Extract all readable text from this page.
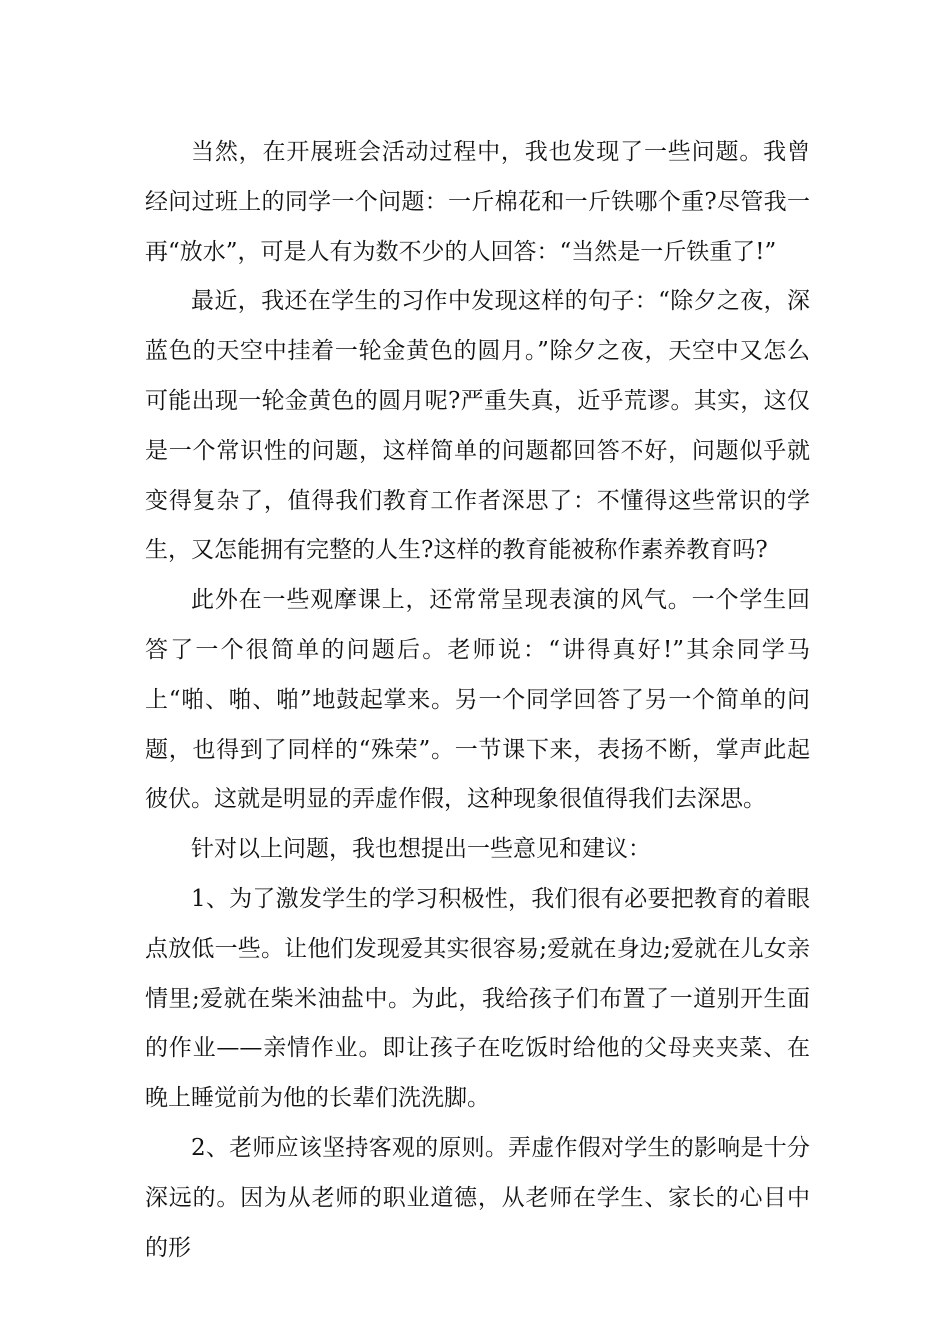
当然，在开展班会活动过程中，我也发现了一些问题。我曾经问过班上的同学一个问题：一斤棉花和一斤铁哪个重?尽管我一再“放水”，可是人有为数不少的人回答：“当然是一斤铁重了!”

最近，我还在学生的习作中发现这样的句子：“除夕之夜，深蓝色的天空中挂着一轮金黄色的圆月。”除夕之夜，天空中又怎么可能出现一轮金黄色的圆月呢?严重失真，近乎荒谬。其实，这仅是一个常识性的问题，这样简单的问题都回答不好，问题似乎就变得复杂了，值得我们教育工作者深思了：不懂得这些常识的学生，又怎能拥有完整的人生?这样的教育能被称作素养教育吗?

此外在一些观摩课上，还常常呈现表演的风气。一个学生回答了一个很简单的问题后。老师说：“讲得真好!”其余同学马上“啪、啪、啪”地鼓起掌来。另一个同学回答了另一个简单的问题，也得到了同样的“殊荣”。一节课下来，表扬不断，掌声此起彼伏。这就是明显的弄虚作假，这种现象很值得我们去深思。

针对以上问题，我也想提出一些意见和建议：

1、为了激发学生的学习积极性，我们很有必要把教育的着眼点放低一些。让他们发现爱其实很容易;爱就在身边;爱就在儿女亲情里;爱就在柴米油盐中。为此，我给孩子们布置了一道别开生面的作业——亲情作业。即让孩子在吃饭时给他的父母夹夹菜、在晚上睡觉前为他的长辈们洗洗脚。

2、老师应该坚持客观的原则。弄虚作假对学生的影响是十分深远的。因为从老师的职业道德，从老师在学生、家长的心目中的形
